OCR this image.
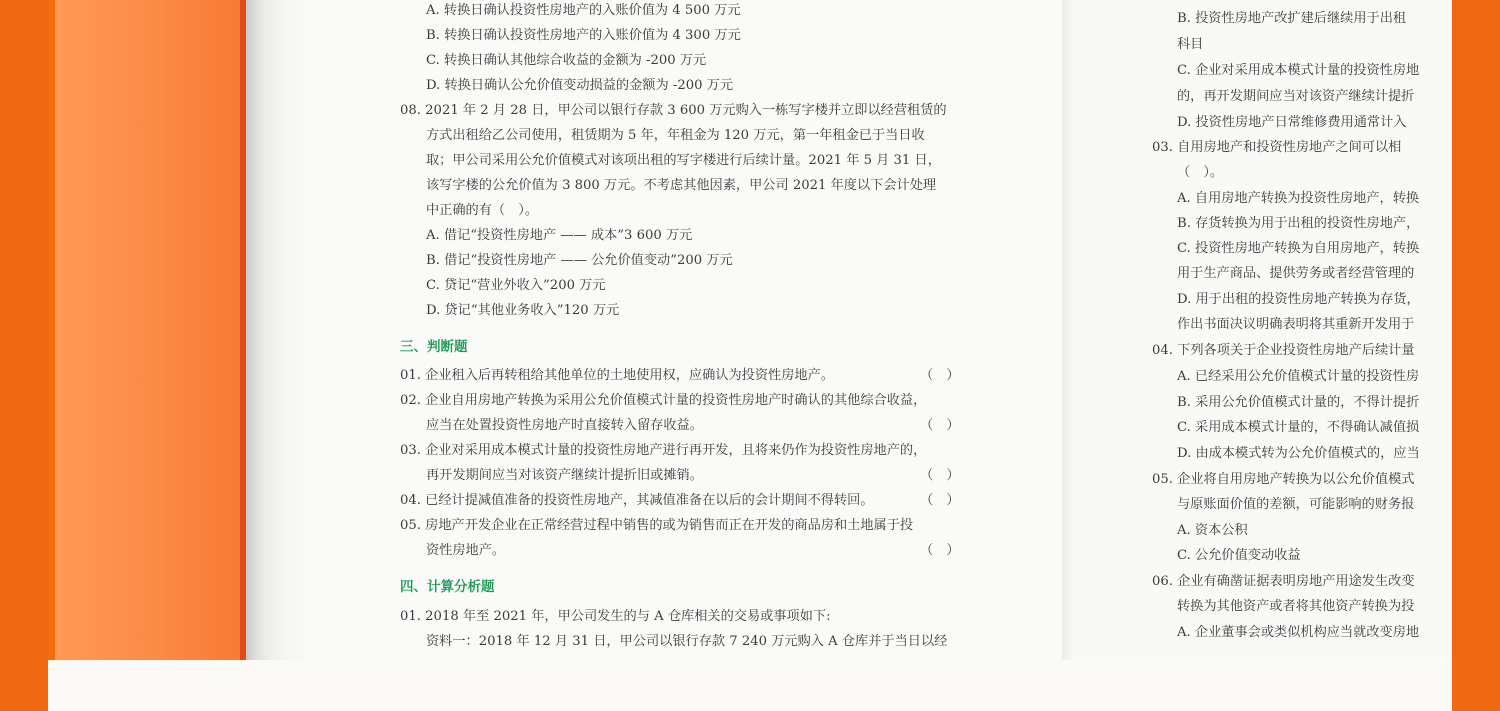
A. 转换日确认投资性房地产的入账价值为 4 500 万元
B. 转换日确认投资性房地产的入账价值为 4 300 万元
C. 转换日确认其他综合收益的金额为 -200 万元
D. 转换日确认公允价值变动损益的金额为 -200 万元
08. 2021 年 2 月 28 日，甲公司以银行存款 3 600 万元购入一栋写字楼并立即以经营租赁的
方式出租给乙公司使用，租赁期为 5 年，年租金为 120 万元，第一年租金已于当日收
取；甲公司采用公允价值模式对该项出租的写字楼进行后续计量。2021 年 5 月 31 日，
该写字楼的公允价值为 3 800 万元。不考虑其他因素，甲公司 2021 年度以下会计处理
中正确的有（　）。
A. 借记“投资性房地产 —— 成本”3 600 万元
B. 借记“投资性房地产 —— 公允价值变动”200 万元
C. 贷记“营业外收入”200 万元
D. 贷记“其他业务收入”120 万元
三、判断题
01. 企业租入后再转租给其他单位的土地使用权，应确认为投资性房地产。	（　）
02. 企业自用房地产转换为采用公允价值模式计量的投资性房地产时确认的其他综合收益，
应当在处置投资性房地产时直接转入留存收益。	（　）
03. 企业对采用成本模式计量的投资性房地产进行再开发，且将来仍作为投资性房地产的，
再开发期间应当对该资产继续计提折旧或摊销。	（　）
04. 已经计提减值准备的投资性房地产，其减值准备在以后的会计期间不得转回。	（　）
05. 房地产开发企业在正常经营过程中销售的或为销售而正在开发的商品房和土地属于投
资性房地产。	（　）
四、计算分析题
01. 2018 年至 2021 年，甲公司发生的与 A 仓库相关的交易或事项如下:
资料一：2018 年 12 月 31 日，甲公司以银行存款 7 240 万元购入 A 仓库并于当日以经
B. 投资性房地产改扩建后继续用于出租
科目
C. 企业对采用成本模式计量的投资性房地
的，再开发期间应当对该资产继续计提折
D. 投资性房地产日常维修费用通常计入
03. 自用房地产和投资性房地产之间可以相
（　）。
A. 自用房地产转换为投资性房地产，转换
B. 存货转换为用于出租的投资性房地产，
C. 投资性房地产转换为自用房地产，转换
用于生产商品、提供劳务或者经营管理的
D. 用于出租的投资性房地产转换为存货，
作出书面决议明确表明将其重新开发用于
04. 下列各项关于企业投资性房地产后续计量
A. 已经采用公允价值模式计量的投资性房
B. 采用公允价值模式计量的，不得计提折
C. 采用成本模式计量的，不得确认减值损
D. 由成本模式转为公允价值模式的，应当
05. 企业将自用房地产转换为以公允价值模式
与原账面价值的差额，可能影响的财务报
A. 资本公积
C. 公允价值变动收益
06. 企业有确凿证据表明房地产用途发生改变
转换为其他资产或者将其他资产转换为投
A. 企业董事会或类似机构应当就改变房地
